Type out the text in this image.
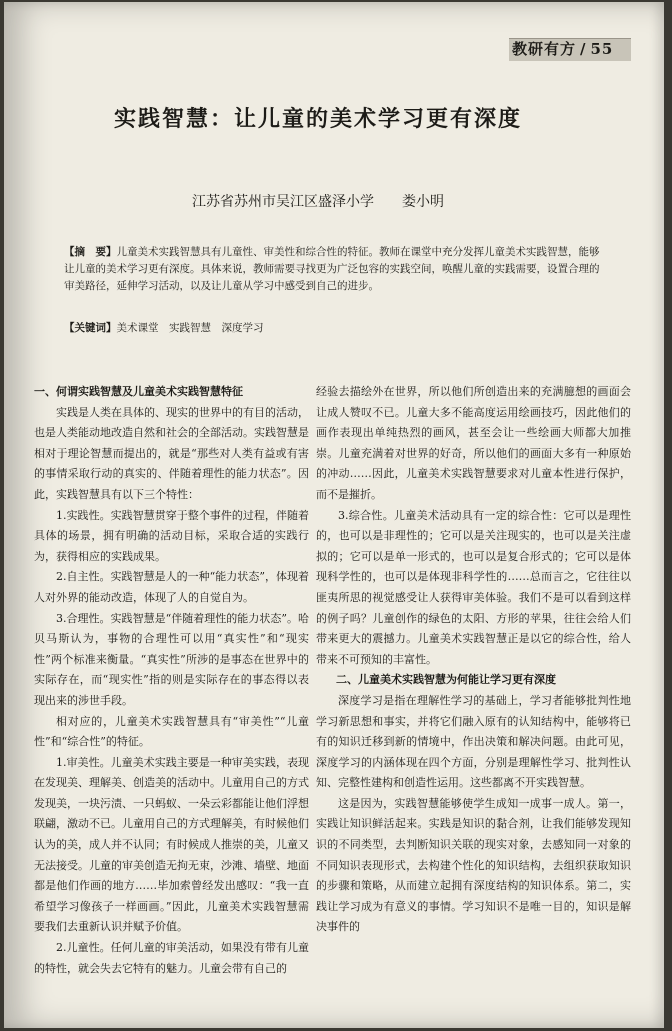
教研有方 / 55
实践智慧：让儿童的美术学习更有深度
江苏省苏州市吴江区盛泽小学 娄小明
【摘　要】儿童美术实践智慧具有儿童性、审美性和综合性的特征。教师在课堂中充分发挥儿童美术实践智慧，能够让儿童的美术学习更有深度。具体来说，教师需要寻找更为广泛包容的实践空间，唤醒儿童的实践需要，设置合理的审美路径，延伸学习活动，以及让儿童从学习中感受到自己的进步。
【关键词】美术课堂　实践智慧　深度学习

一、何谓实践智慧及儿童美术实践智慧特征

实践是人类在具体的、现实的世界中的有目的活动，也是人类能动地改造自然和社会的全部活动。实践智慧是相对于理论智慧而提出的，就是“那些对人类有益或有害的事情采取行动的真实的、伴随着理性的能力状态”。因此，实践智慧具有以下三个特性：

1.实践性。实践智慧贯穿于整个事件的过程，伴随着具体的场景，拥有明确的活动目标，采取合适的实践行为，获得相应的实践成果。

2.自主性。实践智慧是人的一种“能力状态”，体现着人对外界的能动改造，体现了人的自觉自为。

3.合理性。实践智慧是“伴随着理性的能力状态”。哈贝马斯认为，事物的合理性可以用“真实性”和“现实性”两个标准来衡量。“真实性”所涉的是事态在世界中的实际存在，而“现实性”指的则是实际存在的事态得以表现出来的涉世手段。

相对应的，儿童美术实践智慧具有“审美性”“儿童性”和“综合性”的特征。

1.审美性。儿童美术实践主要是一种审美实践，表现在发现美、理解美、创造美的活动中。儿童用自己的方式发现美，一块污渍、一只蚂蚁、一朵云彩都能让他们浮想联翩，激动不已。儿童用自己的方式理解美，有时候他们认为的美，成人并不认同；有时候成人推崇的美，儿童又无法接受。儿童的审美创造无拘无束，沙滩、墙壁、地面都是他们作画的地方……毕加索曾经发出感叹：“我一直希望学习像孩子一样画画。”因此，儿童美术实践智慧需要我们去重新认识并赋予价值。

2.儿童性。任何儿童的审美活动，如果没有带有儿童的特性，就会失去它特有的魅力。儿童会带有自己的

经验去描绘外在世界，所以他们所创造出来的充满臆想的画面会让成人赞叹不已。儿童大多不能高度运用绘画技巧，因此他们的画作表现出单纯热烈的画风，甚至会让一些绘画大师都大加推崇。儿童充满着对世界的好奇，所以他们的画面大多有一种原始的冲动……因此，儿童美术实践智慧要求对儿童本性进行保护，而不是摧折。

3.综合性。儿童美术活动具有一定的综合性：它可以是理性的，也可以是非理性的；它可以是关注现实的，也可以是关注虚拟的；它可以是单一形式的，也可以是复合形式的；它可以是体现科学性的，也可以是体现非科学性的……总而言之，它往往以匪夷所思的视觉感受让人获得审美体验。我们不是可以看到这样的例子吗？儿童创作的绿色的太阳、方形的苹果，往往会给人们带来更大的震撼力。儿童美术实践智慧正是以它的综合性，给人带来不可预知的丰富性。

二、儿童美术实践智慧为何能让学习更有深度

深度学习是指在理解性学习的基础上，学习者能够批判性地学习新思想和事实，并将它们融入原有的认知结构中，能够将已有的知识迁移到新的情境中，作出决策和解决问题。由此可见，深度学习的内涵体现在四个方面，分别是理解性学习、批判性认知、完整性建构和创造性运用。这些都离不开实践智慧。

这是因为，实践智慧能够使学生成知一成事一成人。第一，实践让知识鲜活起来。实践是知识的黏合剂，让我们能够发现知识的不同类型，去判断知识关联的现实对象，去感知同一对象的不同知识表现形式，去构建个性化的知识结构，去组织获取知识的步骤和策略，从而建立起拥有深度结构的知识体系。第二，实践让学习成为有意义的事情。学习知识不是唯一目的，知识是解决事件的
